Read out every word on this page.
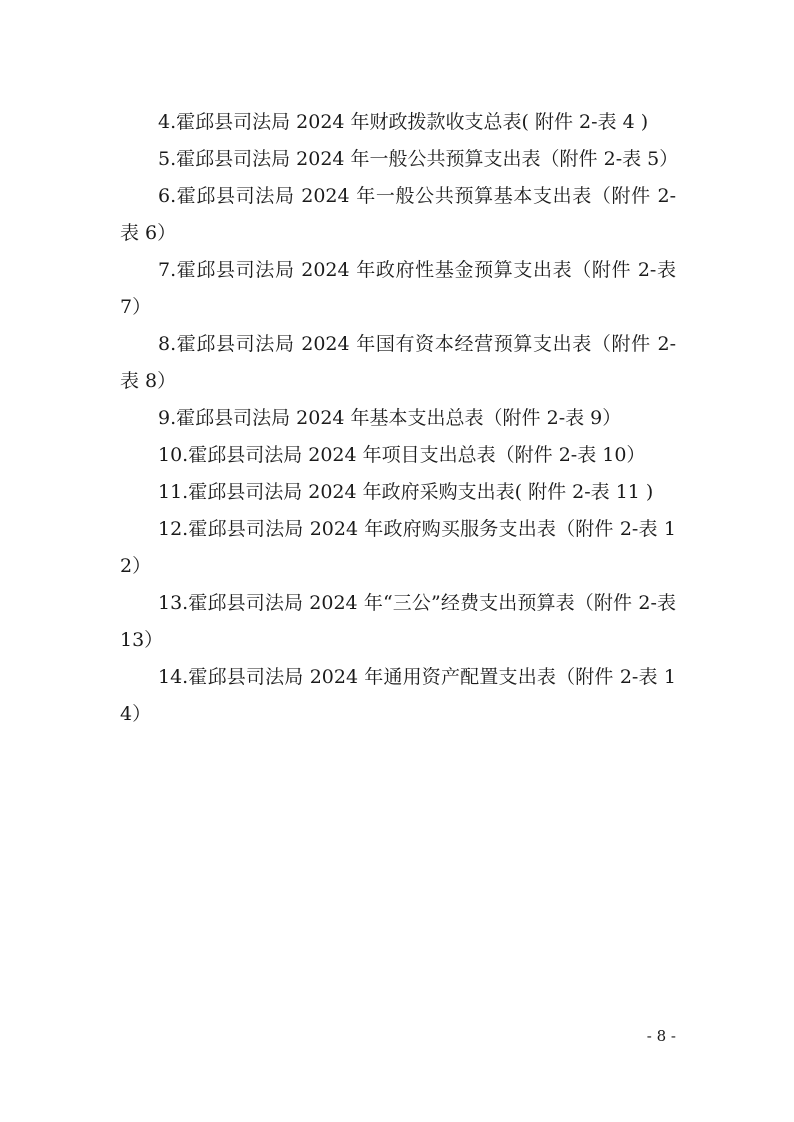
4.霍邱县司法局 2024 年财政拨款收支总表( 附件 2-表 4 )

5.霍邱县司法局 2024 年一般公共预算支出表（附件 2-表 5）

6.霍邱县司法局 2024 年一般公共预算基本支出表（附件 2-表 6）

7.霍邱县司法局 2024 年政府性基金预算支出表（附件 2-表 7）

8.霍邱县司法局 2024 年国有资本经营预算支出表（附件 2-表 8）

9.霍邱县司法局 2024 年基本支出总表（附件 2-表 9）

10.霍邱县司法局 2024 年项目支出总表（附件 2-表 10）

11.霍邱县司法局 2024 年政府采购支出表( 附件 2-表 11 )

12.霍邱县司法局 2024 年政府购买服务支出表（附件 2-表 12）

13.霍邱县司法局 2024 年“三公”经费支出预算表（附件 2-表 13）

14.霍邱县司法局 2024 年通用资产配置支出表（附件 2-表 14）

- 8 -
